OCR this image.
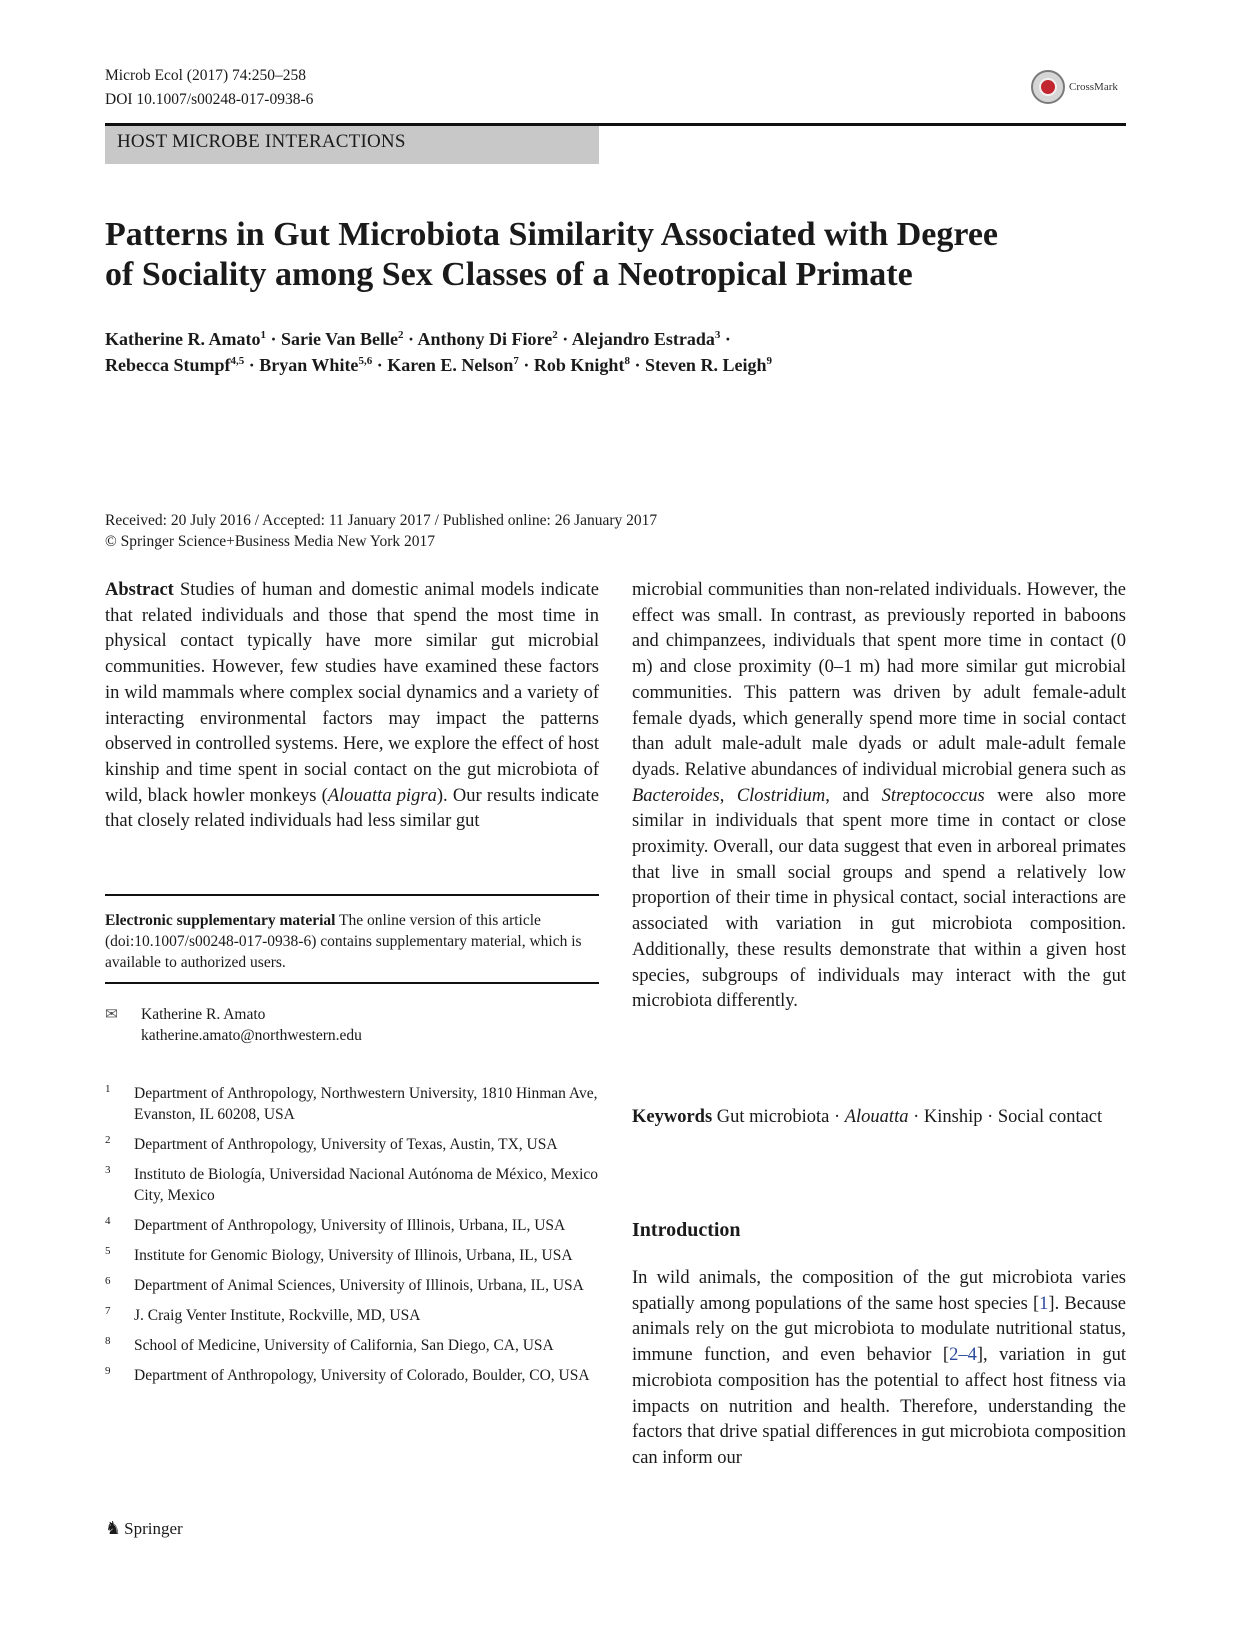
Microb Ecol (2017) 74:250–258
DOI 10.1007/s00248-017-0938-6
CrossMark
HOST MICROBE INTERACTIONS
Patterns in Gut Microbiota Similarity Associated with Degree
of Sociality among Sex Classes of a Neotropical Primate
Katherine R. Amato$^1$ · Sarie Van Belle$^2$ · Anthony Di Fiore$^2$ · Alejandro Estrada$^3$ ·
Rebecca Stumpf$^{4,5}$ · Bryan White$^{5,6}$ · Karen E. Nelson$^7$ · Rob Knight$^8$ · Steven R. Leigh$^9$
Received: 20 July 2016 / Accepted: 11 January 2017 / Published online: 26 January 2017
© Springer Science+Business Media New York 2017

Abstract Studies of human and domestic animal models indicate that related individuals and those that spend the most time in physical contact typically have more similar gut microbial communities. However, few studies have examined these factors in wild mammals where complex social dynamics and a variety of interacting environmental factors may impact the patterns observed in controlled systems. Here, we explore the effect of host kinship and time spent in social contact on the gut microbiota of wild, black howler monkeys (Alouatta pigra). Our results indicate that closely related individuals had less similar gut

Electronic supplementary material The online version of this article (doi:10.1007/s00248-017-0938-6) contains supplementary material, which is available to authorized users.
✉ Katherine R. Amato
katherine.amato@northwestern.edu
1 Department of Anthropology, Northwestern University, 1810 Hinman Ave, Evanston, IL 60208, USA
2 Department of Anthropology, University of Texas, Austin, TX, USA
3 Instituto de Biología, Universidad Nacional Autónoma de México, Mexico City, Mexico
4 Department of Anthropology, University of Illinois, Urbana, IL, USA
5 Institute for Genomic Biology, University of Illinois, Urbana, IL, USA
6 Department of Animal Sciences, University of Illinois, Urbana, IL, USA
7 J. Craig Venter Institute, Rockville, MD, USA
8 School of Medicine, University of California, San Diego, CA, USA
9 Department of Anthropology, University of Colorado, Boulder, CO, USA

microbial communities than non-related individuals. However, the effect was small. In contrast, as previously reported in baboons and chimpanzees, individuals that spent more time in contact (0 m) and close proximity (0–1 m) had more similar gut microbial communities. This pattern was driven by adult female-adult female dyads, which generally spend more time in social contact than adult male-adult male dyads or adult male-adult female dyads. Relative abundances of individual microbial genera such as Bacteroides, Clostridium, and Streptococcus were also more similar in individuals that spent more time in contact or close proximity. Overall, our data suggest that even in arboreal primates that live in small social groups and spend a relatively low proportion of their time in physical contact, social interactions are associated with variation in gut microbiota composition. Additionally, these results demonstrate that within a given host species, subgroups of individuals may interact with the gut microbiota differently.

Keywords Gut microbiota · Alouatta · Kinship · Social contact
Introduction

In wild animals, the composition of the gut microbiota varies spatially among populations of the same host species [1]. Because animals rely on the gut microbiota to modulate nutritional status, immune function, and even behavior [2–4], variation in gut microbiota composition has the potential to affect host fitness via impacts on nutrition and health. Therefore, understanding the factors that drive spatial differences in gut microbiota composition can inform our

♞ Springer
